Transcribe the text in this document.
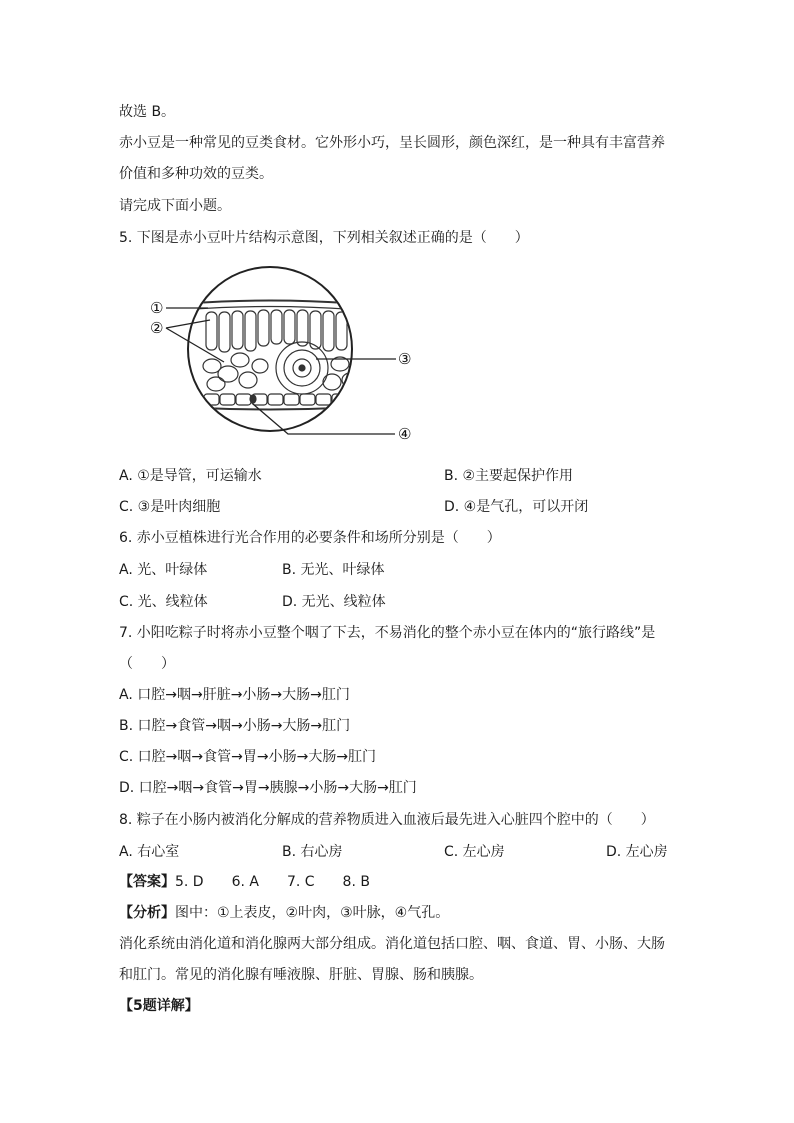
故选 B。
赤小豆是一种常见的豆类食材。它外形小巧，呈长圆形，颜色深红，是一种具有丰富营养
价值和多种功效的豆类。
请完成下面小题。
5. 下图是赤小豆叶片结构示意图，下列相关叙述正确的是（　　）
①
②
③
④
A. ①是导管，可运输水	B. ②主要起保护作用
C. ③是叶肉细胞	D. ④是气孔，可以开闭
6. 赤小豆植株进行光合作用的必要条件和场所分别是（　　）
A. 光、叶绿体	B. 无光、叶绿体
C. 光、线粒体	D. 无光、线粒体
7. 小阳吃粽子时将赤小豆整个咽了下去，不易消化的整个赤小豆在体内的“旅行路线”是
（　　）
A. 口腔→咽→肝脏→小肠→大肠→肛门
B. 口腔→食管→咽→小肠→大肠→肛门
C. 口腔→咽→食管→胃→小肠→大肠→肛门
D. 口腔→咽→食管→胃→胰腺→小肠→大肠→肛门
8. 粽子在小肠内被消化分解成的营养物质进入血液后最先进入心脏四个腔中的（　　）
A. 右心室	B. 右心房	C. 左心房	D. 左心房
【答案】5. D　　6. A　　7. C　　8. B
【分析】图中：①上表皮，②叶肉，③叶脉，④气孔。
消化系统由消化道和消化腺两大部分组成。消化道包括口腔、咽、食道、胃、小肠、大肠
和肛门。常见的消化腺有唾液腺、肝脏、胃腺、肠和胰腺。
【5题详解】
